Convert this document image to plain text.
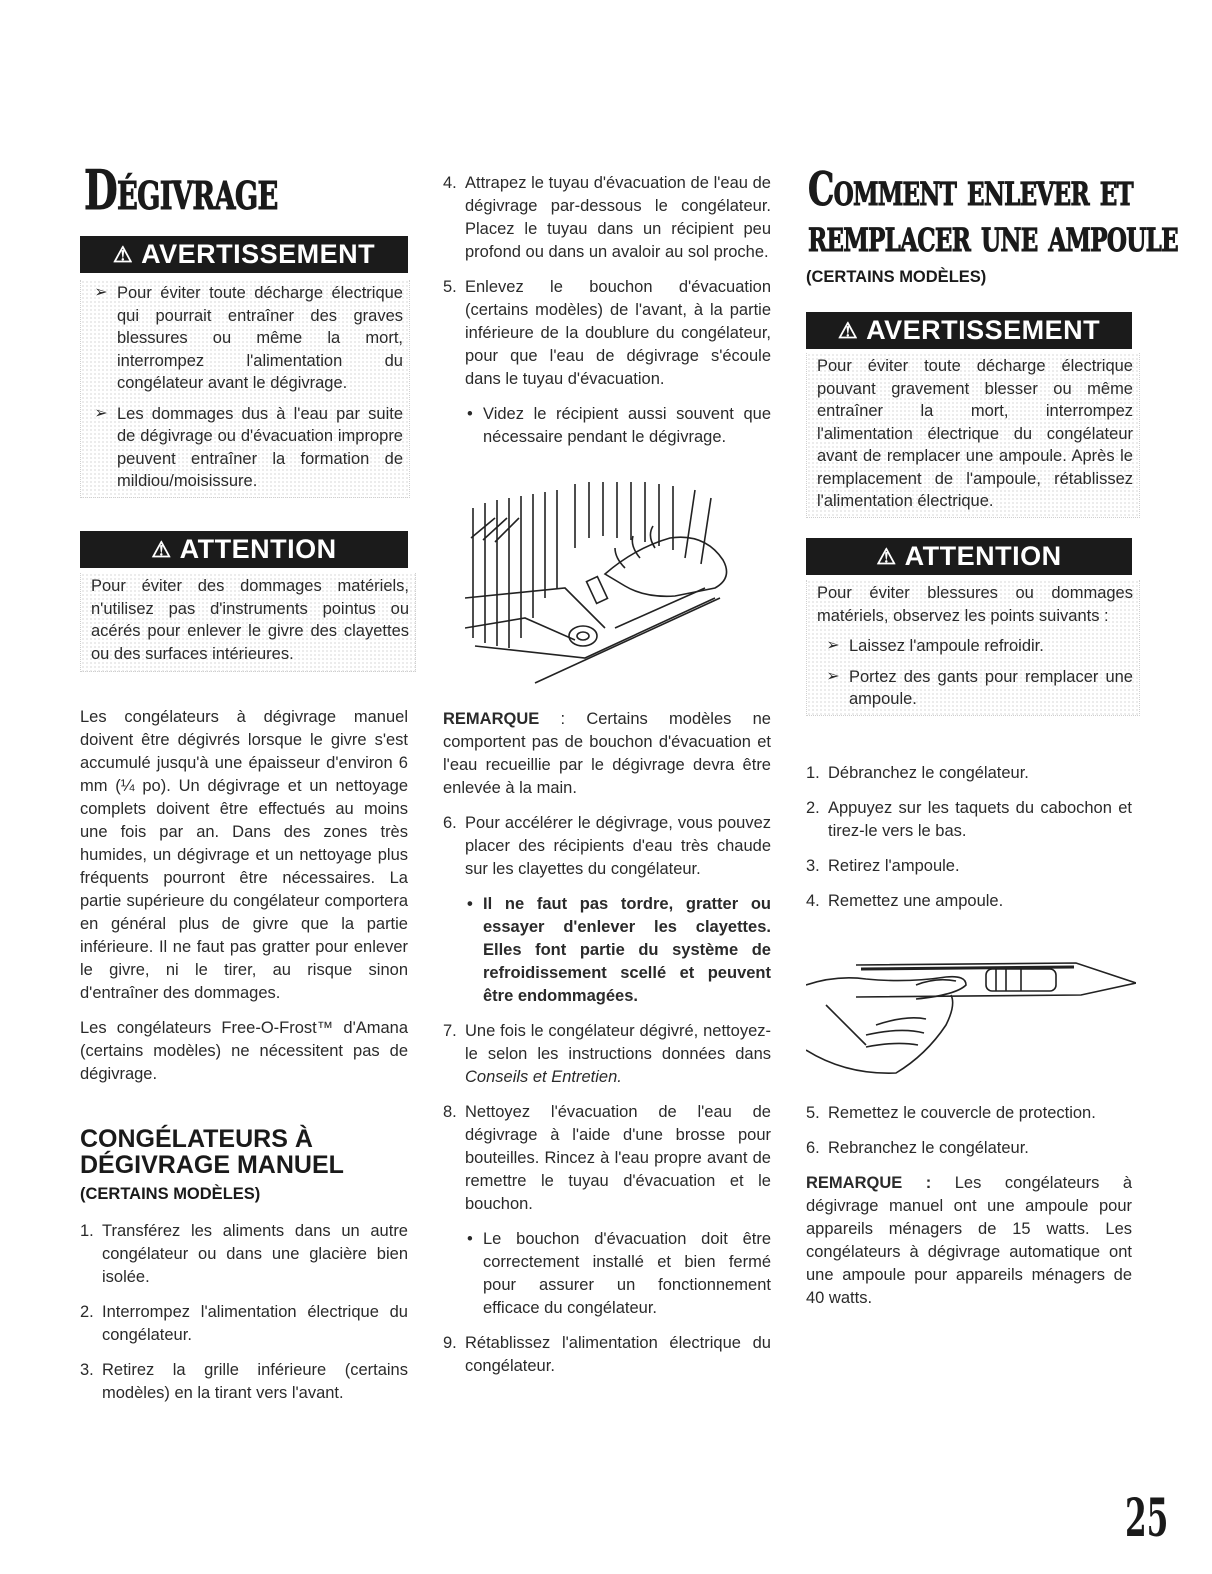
Dégivrage
⚠ AVERTISSEMENT
➢ Pour éviter toute décharge électrique qui pourrait entraîner des graves blessures ou même la mort, interrompez l'alimentation du congélateur avant le dégivrage.

➢ Les dommages dus à l'eau par suite de dégivrage ou d'évacuation impropre peuvent entraîner la formation de mildiou/moisissure.

⚠ ATTENTION

Pour éviter des dommages matériels, n'utilisez pas d'instruments pointus ou acérés pour enlever le givre des clayettes ou des surfaces intérieures.

Les congélateurs à dégivrage manuel doivent être dégivrés lorsque le givre s'est accumulé jusqu'à une épaisseur d'environ 6 mm (¼ po). Un dégivrage et un nettoyage complets doivent être effectués au moins une fois par an. Dans des zones très humides, un dégivrage et un nettoyage plus fréquents pourront être nécessaires. La partie supérieure du congélateur comportera en général plus de givre que la partie inférieure. Il ne faut pas gratter pour enlever le givre, ni le tirer, au risque sinon d'entraîner des dommages.

Les congélateurs Free-O-Frost™ d'Amana (certains modèles) ne nécessitent pas de dégivrage.

CONGÉLATEURS À
DÉGIVRAGE MANUEL
(CERTAINS MODÈLES)
1. Transférez les aliments dans un autre congélateur ou dans une glacière bien isolée.
2. Interrompez l'alimentation électrique du congélateur.
3. Retirez la grille inférieure (certains modèles) en la tirant vers l'avant.
4. Attrapez le tuyau d'évacuation de l'eau de dégivrage par-dessous le congélateur. Placez le tuyau dans un récipient peu profond ou dans un avaloir au sol proche.
5. Enlevez le bouchon d'évacuation (certains modèles) de l'avant, à la partie inférieure de la doublure du congélateur, pour que l'eau de dégivrage s'écoule dans le tuyau d'évacuation.
• Videz le récipient aussi souvent que nécessaire pendant le dégivrage.

REMARQUE : Certains modèles ne comportent pas de bouchon d'évacuation et l'eau recueillie par le dégivrage devra être enlevée à la main.

6. Pour accélérer le dégivrage, vous pouvez placer des récipients d'eau très chaude sur les clayettes du congélateur.
• Il ne faut pas tordre, gratter ou essayer d'enlever les clayettes. Elles font partie du système de refroidissement scellé et peuvent être endommagées.
7. Une fois le congélateur dégivré, nettoyez-le selon les instructions données dans Conseils et Entretien.
8. Nettoyez l'évacuation de l'eau de dégivrage à l'aide d'une brosse pour bouteilles. Rincez à l'eau propre avant de remettre le tuyau d'évacuation et le bouchon.
• Le bouchon d'évacuation doit être correctement installé et bien fermé pour assurer un fonctionnement efficace du congélateur.
9. Rétablissez l'alimentation électrique du congélateur.
Comment enlever et
remplacer une ampoule
(CERTAINS MODÈLES)
⚠ AVERTISSEMENT

Pour éviter toute décharge électrique pouvant gravement blesser ou même entraîner la mort, interrompez l'alimentation électrique du congélateur avant de remplacer une ampoule. Après le remplacement de l'ampoule, rétablissez l'alimentation électrique.

⚠ ATTENTION

Pour éviter blessures ou dommages matériels, observez les points suivants :

➢ Laissez l'ampoule refroidir.

➢ Portez des gants pour remplacer une ampoule.

1. Débranchez le congélateur.
2. Appuyez sur les taquets du cabochon et tirez-le vers le bas.
3. Retirez l'ampoule.
4. Remettez une ampoule.
5. Remettez le couvercle de protection.
6. Rebranchez le congélateur.

REMARQUE : Les congélateurs à dégivrage manuel ont une ampoule pour appareils ménagers de 15 watts. Les congélateurs à dégivrage automatique ont une ampoule pour appareils ménagers de 40 watts.

25
